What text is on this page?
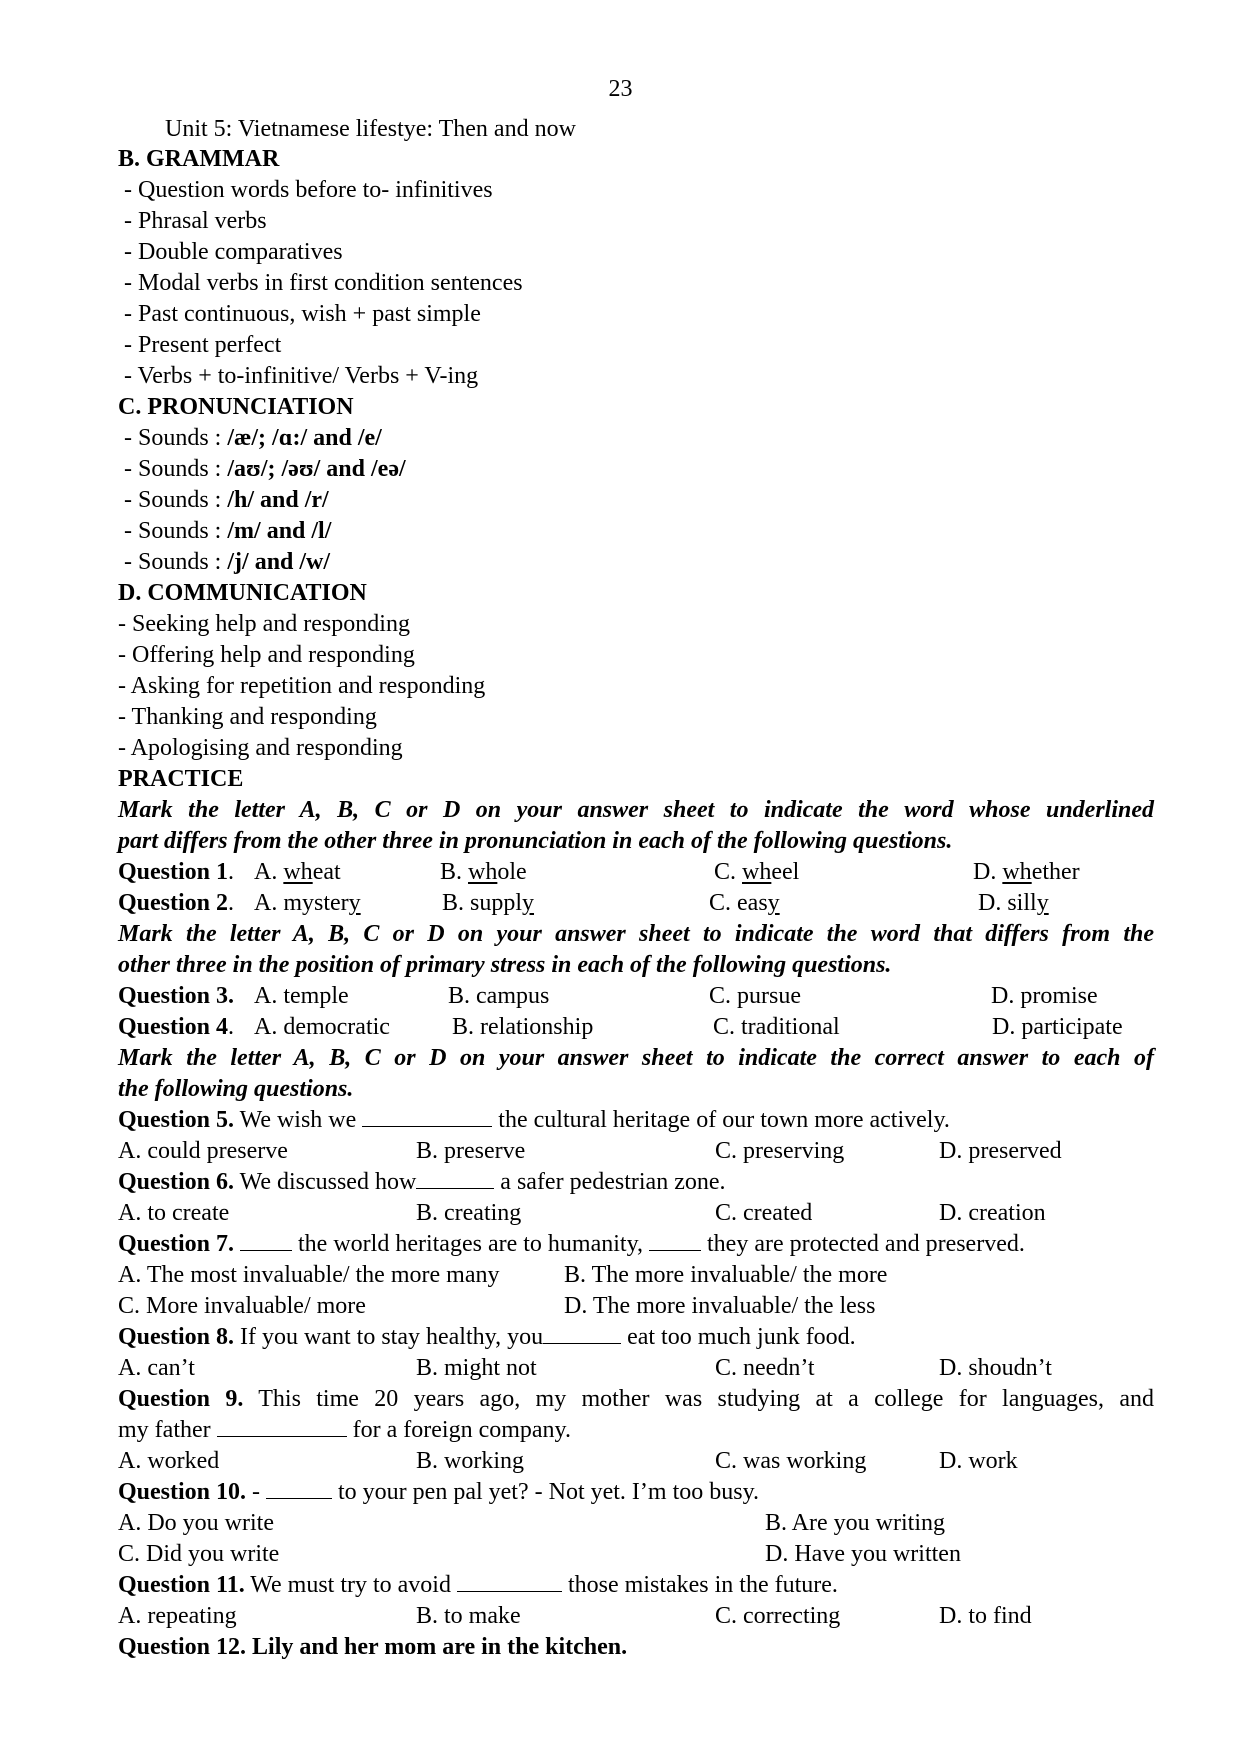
23
Unit 5: Vietnamese lifestye: Then and now
B. GRAMMAR
- Question words before to- infinitives
- Phrasal verbs
- Double comparatives
- Modal verbs in first condition sentences
- Past continuous, wish + past simple
- Present perfect
- Verbs + to-infinitive/ Verbs + V-ing
C. PRONUNCIATION
- Sounds : /æ/; /ɑ:/ and /e/
- Sounds : /aʊ/; /əʊ/ and /eə/
- Sounds : /h/ and /r/
- Sounds : /m/ and /l/
- Sounds : /j/ and /w/
D. COMMUNICATION
- Seeking help and responding
- Offering help and responding
- Asking for repetition and responding
- Thanking and responding
- Apologising and responding
PRACTICE
Mark the letter A, B, C or D on your answer sheet to indicate the word whose underlined
part differs from the other three in pronunciation in each of the following questions.
Question 1. A. wheat	B. whole	C. wheel	D. whether
Question 2. A. mystery	B. supply	C. easy	D. silly
Mark the letter A, B, C or D on your answer sheet to indicate the word that differs from the
other three in the position of primary stress in each of the following questions.
Question 3. A. temple	B. campus	C. pursue	D. promise
Question 4. A. democratic	B. relationship	C. traditional	D. participate
Mark the letter A, B, C or D on your answer sheet to indicate the correct answer to each of
the following questions.
Question 5. We wish we	the cultural heritage of our town more actively.
A. could preserve	B. preserve	C. preserving	D. preserved
Question 6. We discussed how	a safer pedestrian zone.
A. to create	B. creating	C. created	D. creation
Question 7.  the world heritages are to humanity,  they are protected and preserved.
A. The most invaluable/ the more many	B. The more invaluable/ the more
C. More invaluable/ more	D. The more invaluable/ the less
Question 8. If you want to stay healthy, you	eat too much junk food.
A. can’t	B. might not	C. needn’t	D. shoudn’t
Question 9. This time 20 years ago, my mother was studying at a college for languages, and
my father	for a foreign company.
A. worked	B. working	C. was working	D. work
Question 10. -	to your pen pal yet? - Not yet. I’m too busy.
A. Do you write	B. Are you writing
C. Did you write	D. Have you written
Question 11. We must try to avoid	those mistakes in the future.
A. repeating	B. to make	C. correcting	D. to find
Question 12. Lily and her mom are in the kitchen.
